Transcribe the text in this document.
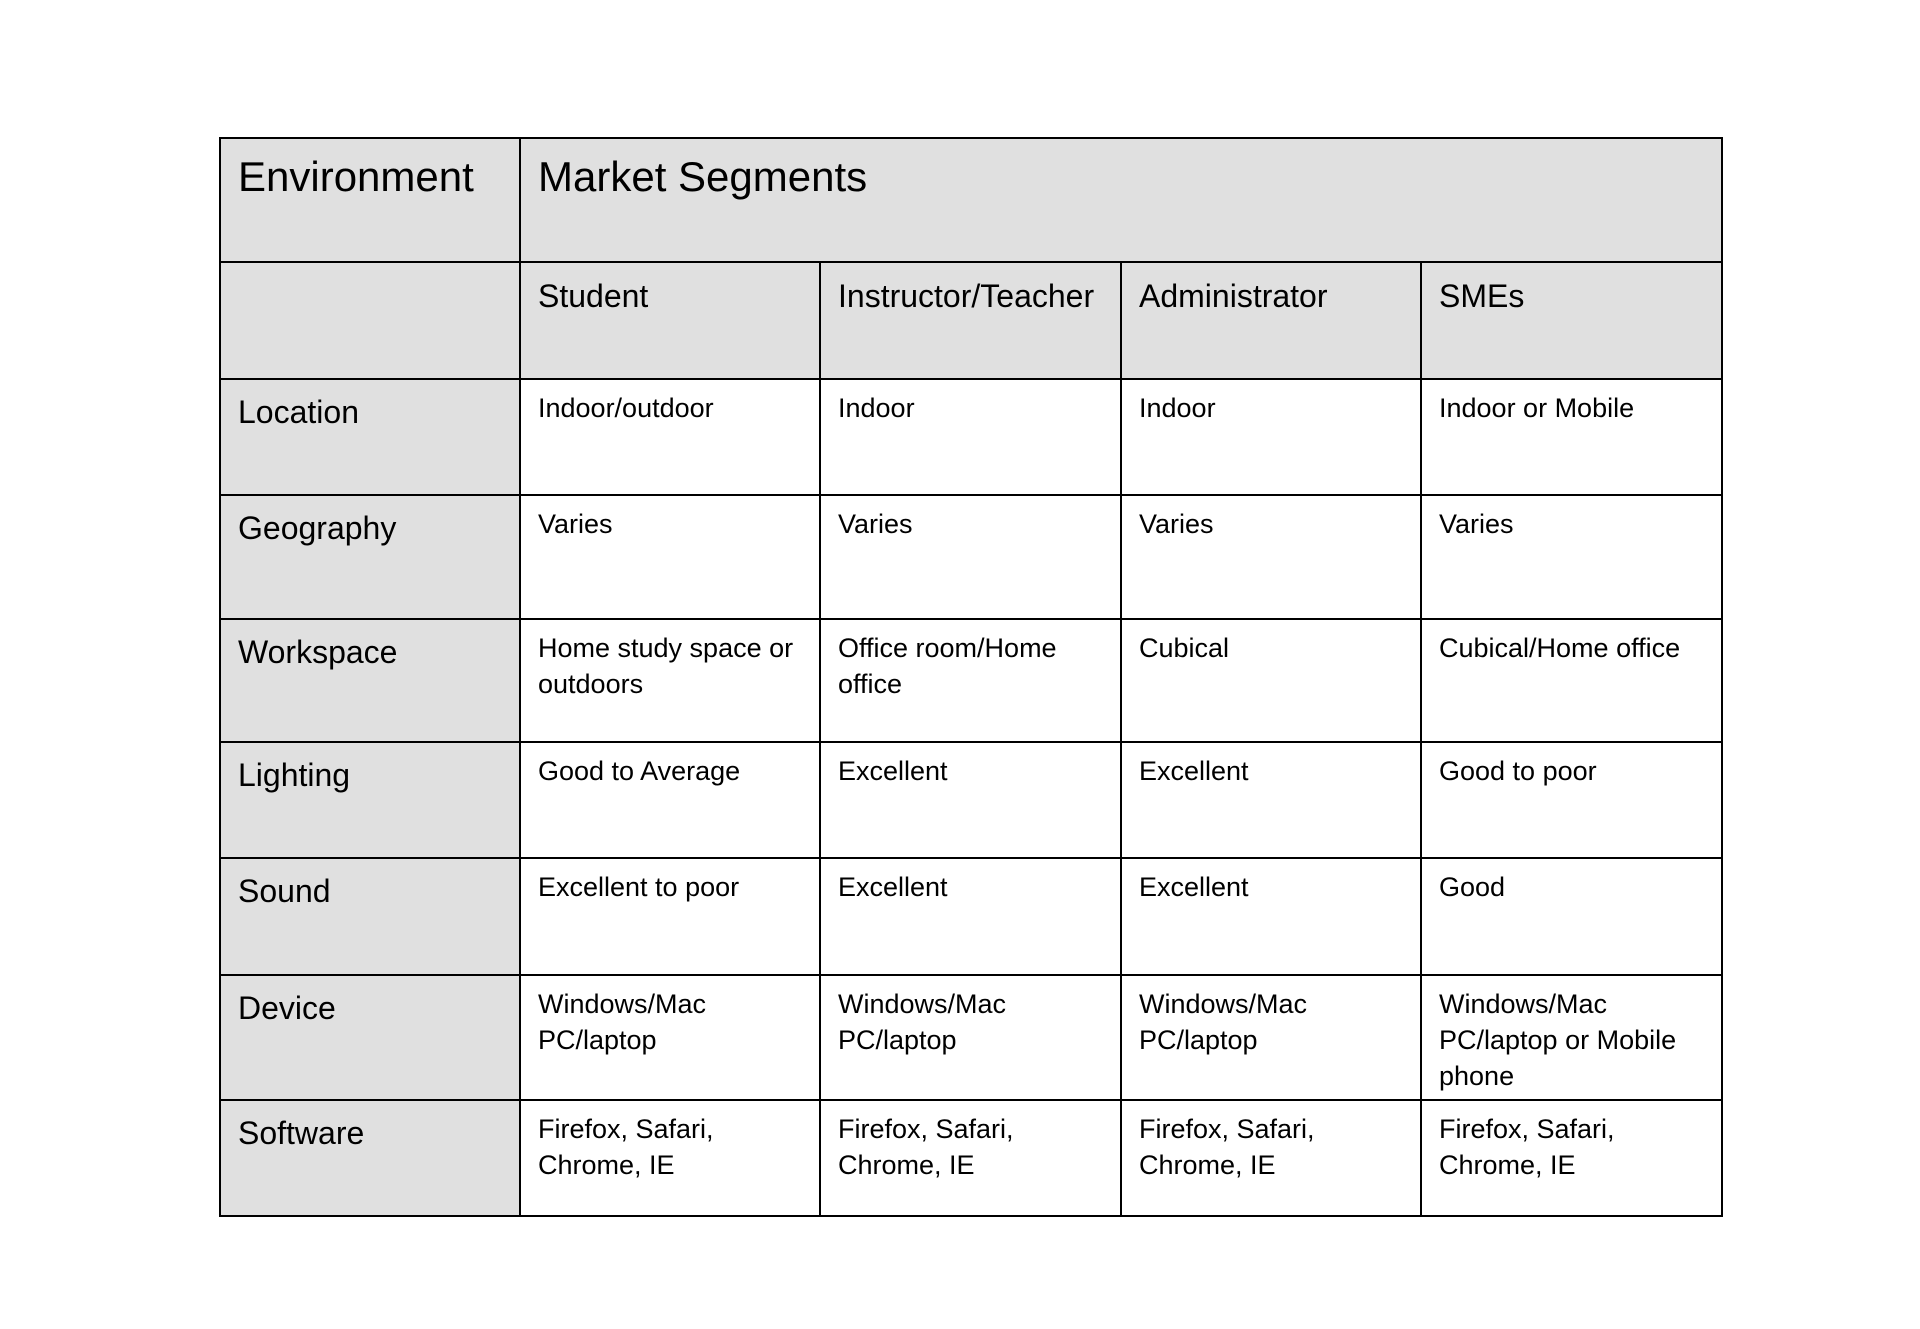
Environment	Market Segments			

	Student	Instructor/Teacher	Administrator	SMEs

Location	Indoor/outdoor	Indoor	Indoor	Indoor or Mobile

Geography	Varies	Varies	Varies	Varies

Workspace	Home study space or outdoors	Office room/Home office	Cubical	Cubical/Home office

Lighting	Good to Average	Excellent	Excellent	Good to poor

Sound	Excellent to poor	Excellent	Excellent	Good

Device	Windows/Mac PC/laptop	Windows/Mac PC/laptop	Windows/Mac PC/laptop	Windows/Mac PC/laptop or Mobile phone

Software	Firefox, Safari, Chrome, IE	Firefox, Safari, Chrome, IE	Firefox, Safari, Chrome, IE	Firefox, Safari, Chrome, IE
